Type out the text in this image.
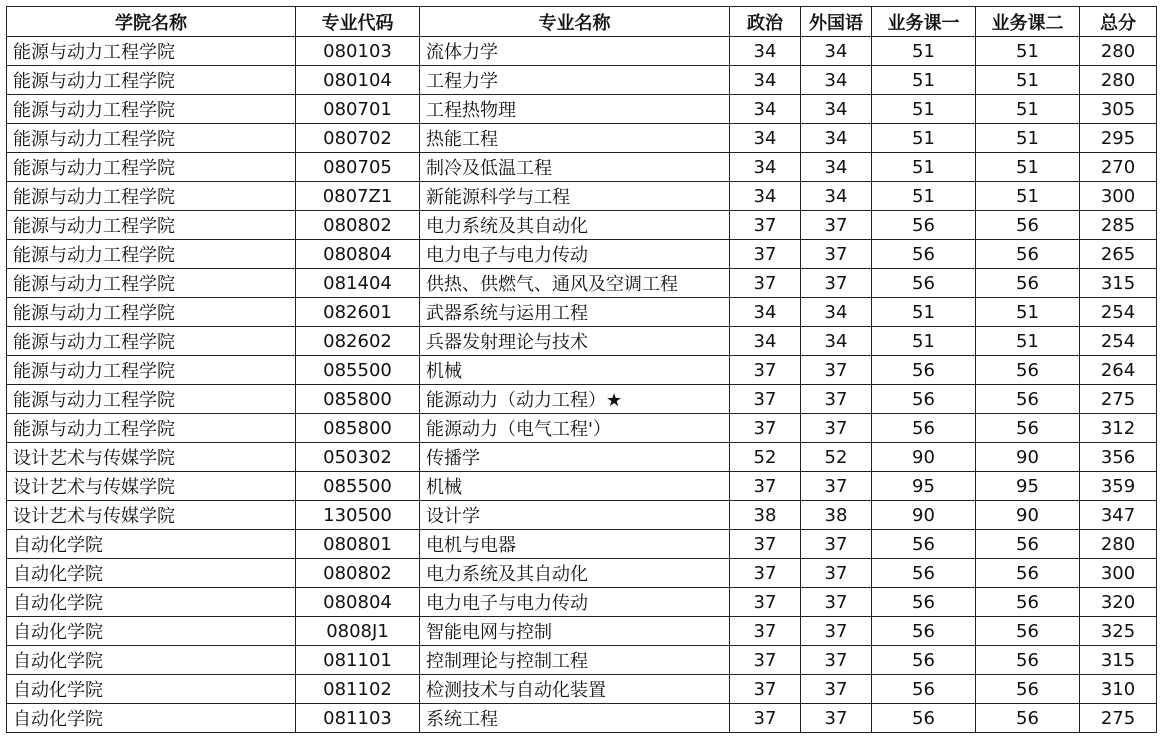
学院名称	专业代码	专业名称	政治	外国语	业务课一	业务课二	总分
能源与动力工程学院	080103	流体力学	34	34	51	51	280
能源与动力工程学院	080104	工程力学	34	34	51	51	280
能源与动力工程学院	080701	工程热物理	34	34	51	51	305
能源与动力工程学院	080702	热能工程	34	34	51	51	295
能源与动力工程学院	080705	制冷及低温工程	34	34	51	51	270
能源与动力工程学院	0807Z1	新能源科学与工程	34	34	51	51	300
能源与动力工程学院	080802	电力系统及其自动化	37	37	56	56	285
能源与动力工程学院	080804	电力电子与电力传动	37	37	56	56	265
能源与动力工程学院	081404	供热、供燃气、通风及空调工程	37	37	56	56	315
能源与动力工程学院	082601	武器系统与运用工程	34	34	51	51	254
能源与动力工程学院	082602	兵器发射理论与技术	34	34	51	51	254
能源与动力工程学院	085500	机械	37	37	56	56	264
能源与动力工程学院	085800	能源动力（动力工程）★	37	37	56	56	275
能源与动力工程学院	085800	能源动力（电气工程'）	37	37	56	56	312
设计艺术与传媒学院	050302	传播学	52	52	90	90	356
设计艺术与传媒学院	085500	机械	37	37	95	95	359
设计艺术与传媒学院	130500	设计学	38	38	90	90	347
自动化学院	080801	电机与电器	37	37	56	56	280
自动化学院	080802	电力系统及其自动化	37	37	56	56	300
自动化学院	080804	电力电子与电力传动	37	37	56	56	320
自动化学院	0808J1	智能电网与控制	37	37	56	56	325
自动化学院	081101	控制理论与控制工程	37	37	56	56	315
自动化学院	081102	检测技术与自动化装置	37	37	56	56	310
自动化学院	081103	系统工程	37	37	56	56	275
